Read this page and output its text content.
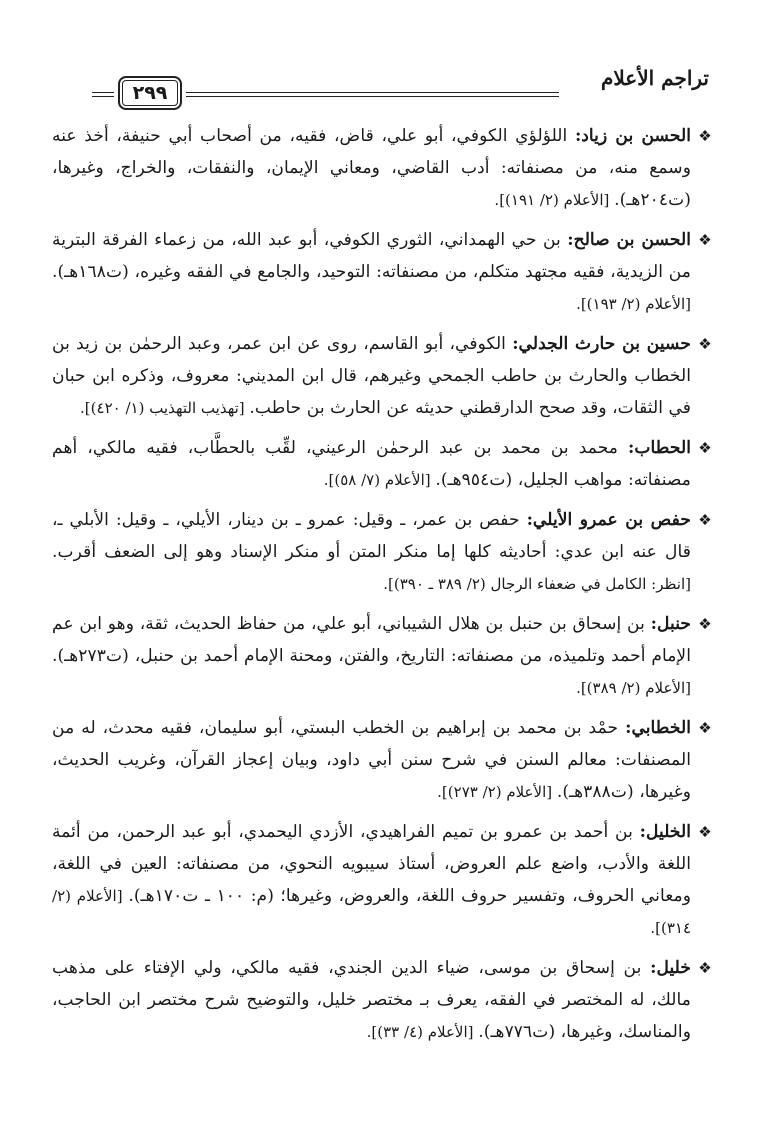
تراجم الأعلام
٢٩٩

❖
الحسن بن زياد: اللؤلؤي الكوفي، أبو علي، قاض، فقيه، من أصحاب أبي حنيفة، أخذ عنه وسمع منه، من مصنفاته: أدب القاضي، ومعاني الإيمان، والنفقات، والخراج، وغيرها، (ت٢٠٤هـ). [الأعلام (٢/ ١٩١)].

❖
الحسن بن صالح: بن حي الهمداني، الثوري الكوفي، أبو عبد الله، من زعماء الفرقة البترية من الزيدية، فقيه مجتهد متكلم، من مصنفاته: التوحيد، والجامع في الفقه وغيره، (ت١٦٨هـ). [الأعلام (٢/ ١٩٣)].

❖
حسين بن حارث الجدلي: الكوفي، أبو القاسم، روى عن ابن عمر، وعبد الرحمٰن بن زيد بن الخطاب والحارث بن حاطب الجمحي وغيرهم، قال ابن المديني: معروف، وذكره ابن حبان في الثقات، وقد صحح الدارقطني حديثه عن الحارث بن حاطب. [تهذيب التهذيب (١/ ٤٢٠)].

❖
الحطاب: محمد بن محمد بن عبد الرحمٰن الرعيني، لقِّب بالحطَّاب، فقيه مالكي، أهم مصنفاته: مواهب الجليل، (ت٩٥٤هـ). [الأعلام (٧/ ٥٨)].

❖
حفص بن عمرو الأيلي: حفص بن عمر، ـ وقيل: عمرو ـ بن دينار، الأيلي، ـ وقيل: الأبلي ـ، قال عنه ابن عدي: أحاديثه كلها إما منكر المتن أو منكر الإسناد وهو إلى الضعف أقرب. [انظر: الكامل في ضعفاء الرجال (٢/ ٣٨٩ ـ ٣٩٠)].

❖
حنبل: بن إسحاق بن حنبل بن هلال الشيباني، أبو علي، من حفاظ الحديث، ثقة، وهو ابن عم الإمام أحمد وتلميذه، من مصنفاته: التاريخ، والفتن، ومحنة الإمام أحمد بن حنبل، (ت٢٧٣هـ). [الأعلام (٢/ ٣٨٩)].

❖
الخطابي: حمْد بن محمد بن إبراهيم بن الخطب البستي، أبو سليمان، فقيه محدث، له من المصنفات: معالم السنن في شرح سنن أبي داود، وبيان إعجاز القرآن، وغريب الحديث، وغيرها، (ت٣٨٨هـ). [الأعلام (٢/ ٢٧٣)].

❖
الخليل: بن أحمد بن عمرو بن تميم الفراهيدي، الأزدي اليحمدي، أبو عبد الرحمن، من أئمة اللغة والأدب، واضع علم العروض، أستاذ سيبويه النحوي، من مصنفاته: العين في اللغة، ومعاني الحروف، وتفسير حروف اللغة، والعروض، وغيرها؛ (م: ١٠٠ ـ ت١٧٠هـ). [الأعلام (٢/ ٣١٤)].

❖
خليل: بن إسحاق بن موسى، ضياء الدين الجندي، فقيه مالكي، ولي الإفتاء على مذهب مالك، له المختصر في الفقه، يعرف بـ مختصر خليل، والتوضيح شرح مختصر ابن الحاجب، والمناسك، وغيرها، (ت٧٧٦هـ). [الأعلام (٤/ ٣٣)].
